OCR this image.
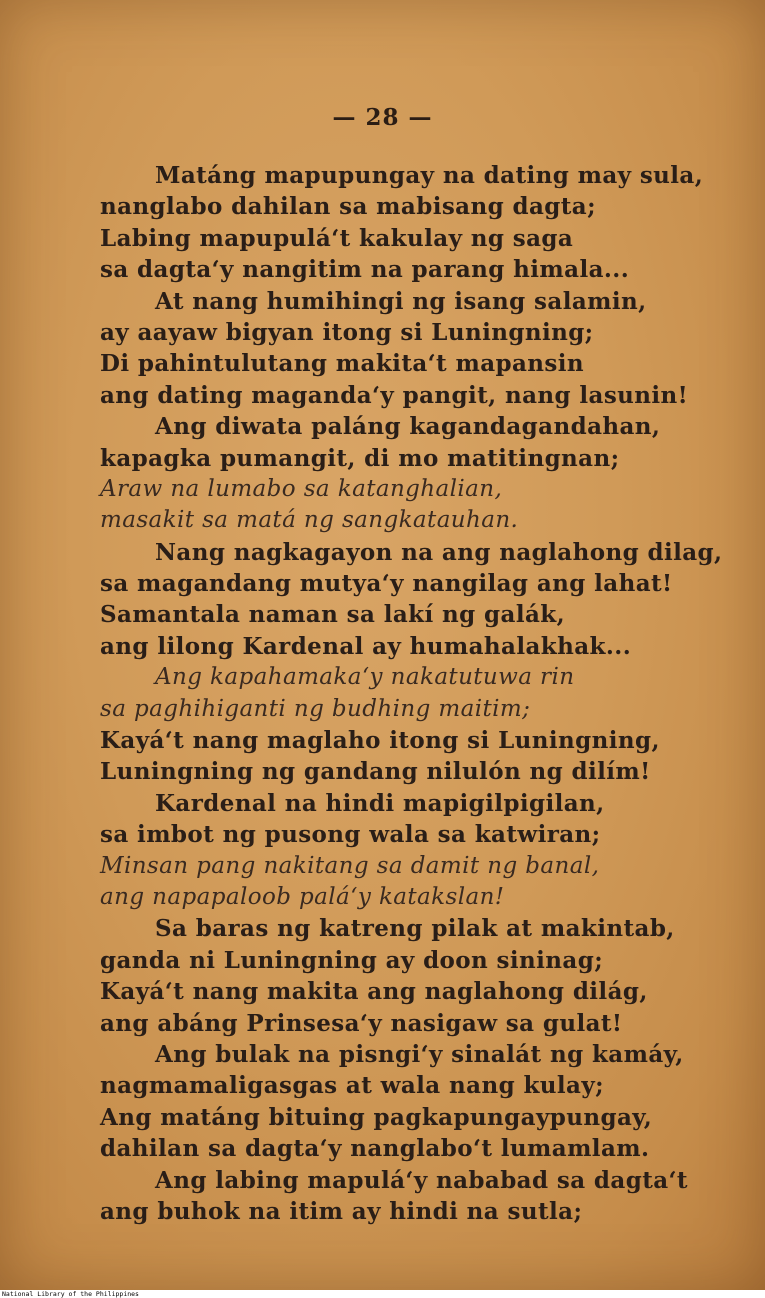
— 28 —
Matáng mapupungay na dating may sula,
nanglabo dahilan sa mabisang dagta;
Labing mapupulá‘t kakulay ng saga
sa dagta‘y nangitim na parang himala...
At nang humihingi ng isang salamin,
ay aayaw bigyan itong si Luningning;
Di pahintulutang makita‘t mapansin
ang dating maganda‘y pangit, nang lasunin!
Ang diwata paláng kagandagandahan,
kapagka pumangit, di mo matitingnan;
Araw na lumabo sa katanghalian,
masakit sa matá ng sangkatauhan.
Nang nagkagayon na ang naglahong dilag,
sa magandang mutya‘y nangilag ang lahat!
Samantala naman sa lakí ng galák,
ang lilong Kardenal ay humahalakhak...
Ang kapahamaka‘y nakatutuwa rin
sa paghihiganti ng budhing maitim;
Kayá‘t nang maglaho itong si Luningning,
Luningning ng gandang nilulón ng dilím!
Kardenal na hindi mapigilpigilan,
sa imbot ng pusong wala sa katwiran;
Minsan pang nakitang sa damit ng banal,
ang napapaloob palá‘y katakslan!
Sa baras ng katreng pilak at makintab,
ganda ni Luningning ay doon sininag;
Kayá‘t nang makita ang naglahong dilág,
ang abáng Prinsesa‘y nasigaw sa gulat!
Ang bulak na pisngi‘y sinalát ng kamáy,
nagmamaligasgas at wala nang kulay;
Ang matáng bituing pagkapungaypungay,
dahilan sa dagta‘y nanglabo‘t lumamlam.
Ang labing mapulá‘y nababad sa dagta‘t
ang buhok na itim ay hindi na sutla;
National Library of the Philippines
